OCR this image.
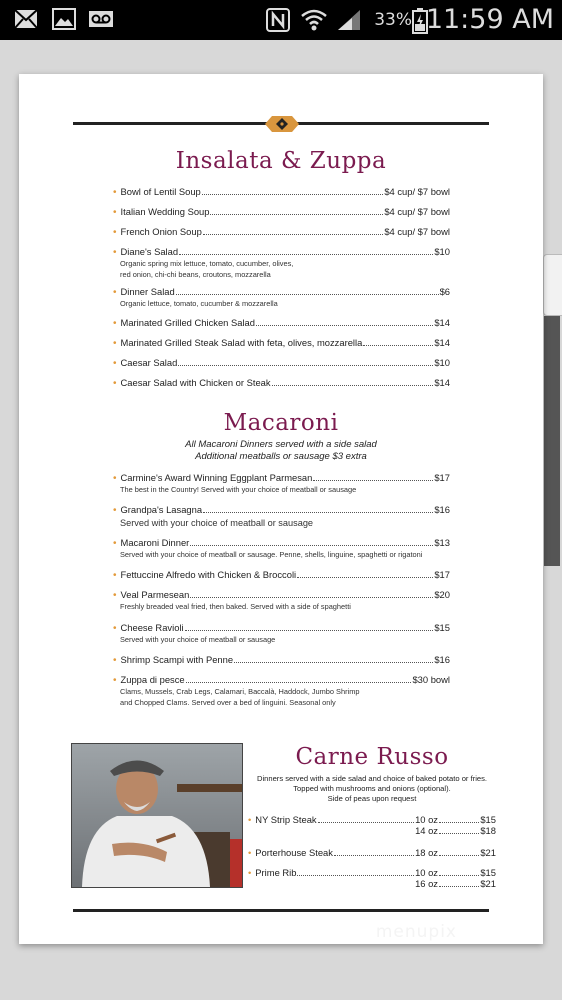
33% 11:59 AM
Insalata & Zuppa
• Bowl of Lentil Soup	$4 cup/ $7 bowl
• Italian Wedding Soup	$4 cup/ $7 bowl
• French Onion Soup	$4 cup/ $7 bowl
• Diane's Salad	$10
Organic spring mix lettuce, tomato, cucumber, olives,
red onion, chi-chi beans, croutons, mozzarella
• Dinner Salad	$6
Organic lettuce, tomato, cucumber & mozzarella
• Marinated Grilled Chicken Salad	$14
• Marinated Grilled Steak Salad with feta, olives, mozzarella	$14
• Caesar Salad	$10
• Caesar Salad with Chicken or Steak	$14
Macaroni
All Macaroni Dinners served with a side salad
Additional meatballs or sausage $3 extra
• Carmine's Award Winning Eggplant Parmesan	$17
The best in the Country! Served with your choice of meatball or sausage
• Grandpa's Lasagna	$16
Served with your choice of meatball or sausage
• Macaroni Dinner	$13
Served with your choice of meatball or sausage. Penne, shells, linguine, spaghetti or rigatoni
• Fettuccine Alfredo with Chicken & Broccoli	$17
• Veal Parmesean	$20
Freshly breaded veal fried, then baked. Served with a side of spaghetti
• Cheese Ravioli	$15
Served with your choice of meatball or sausage
• Shrimp Scampi with Penne	$16
• Zuppa di pesce	$30 bowl
Clams, Mussels, Crab Legs, Calamari, Baccalà, Haddock, Jumbo Shrimp
and Chopped Clams. Served over a bed of linguini. Seasonal only
Carne Russo
Dinners served with a side salad and choice of baked potato or fries.
Topped with mushrooms and onions (optional).
Side of peas upon request
• NY Strip Steak	10 oz	$15
14 oz	$18
• Porterhouse Steak	18 oz	$21
• Prime Rib	10 oz	$15
16 oz	$21
menupix
